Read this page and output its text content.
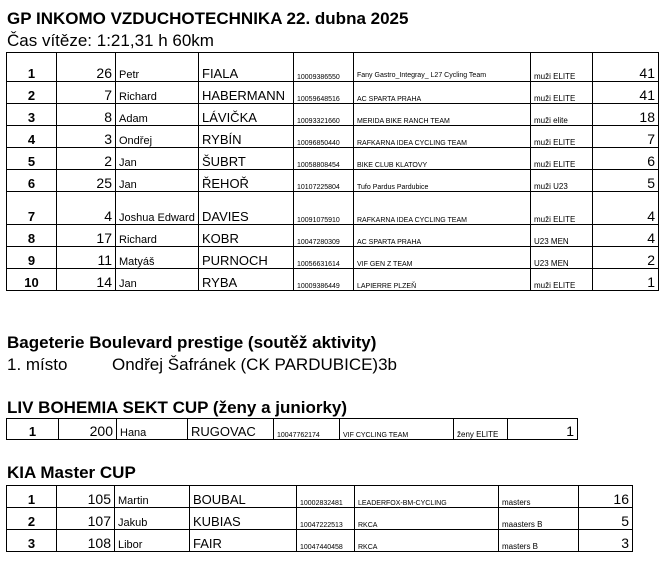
GP INKOMO VZDUCHOTECHNIKA 22. dubna 2025
Čas vítěze: 1:21,31 h 60km
1	26	Petr	FIALA	10009386550	Fany Gastro_Integray_ L27 Cycling Team	muži ELITE	41
2	7	Richard	HABERMANN	10059648516	AC SPARTA PRAHA	muži ELITE	41
3	8	Adam	LÁVIČKA	10093321660	MERIDA BIKE RANCH TEAM	muži elite	18
4	3	Ondřej	RYBÍN	10096850440	RAFKARNA IDEA CYCLING TEAM	muži ELITE	7
5	2	Jan	ŠUBRT	10058808454	BIKE CLUB KLATOVY	muži ELITE	6
6	25	Jan	ŘEHOŘ	10107225804	Tufo Pardus Pardubice	muži U23	5
7	4	Joshua Edward	DAVIES	10091075910	RAFKARNA IDEA CYCLING TEAM	muži ELITE	4
8	17	Richard	KOBR	10047280309	AC SPARTA PRAHA	U23 MEN	4
9	11	Matyáš	PURNOCH	10056631614	VIF GEN Z TEAM	U23 MEN	2
10	14	Jan	RYBA	10009386449	LAPIERRE PLZEŇ	muži ELITE	1
Bageterie Boulevard prestige (soutěž aktivity)
1. místo	Ondřej Šafránek (CK PARDUBICE)3b
LIV BOHEMIA SEKT CUP (ženy a juniorky)
1	200	Hana	RUGOVAC	10047762174	VIF CYCLING TEAM	ženy ELITE	1
KIA Master CUP
1	105	Martin	BOUBAL	10002832481	LEADERFOX-BM-CYCLING	masters	16
2	107	Jakub	KUBIAS	10047222513	RKCA	maasters B	5
3	108	Libor	FAIR	10047440458	RKCA	masters B	3
